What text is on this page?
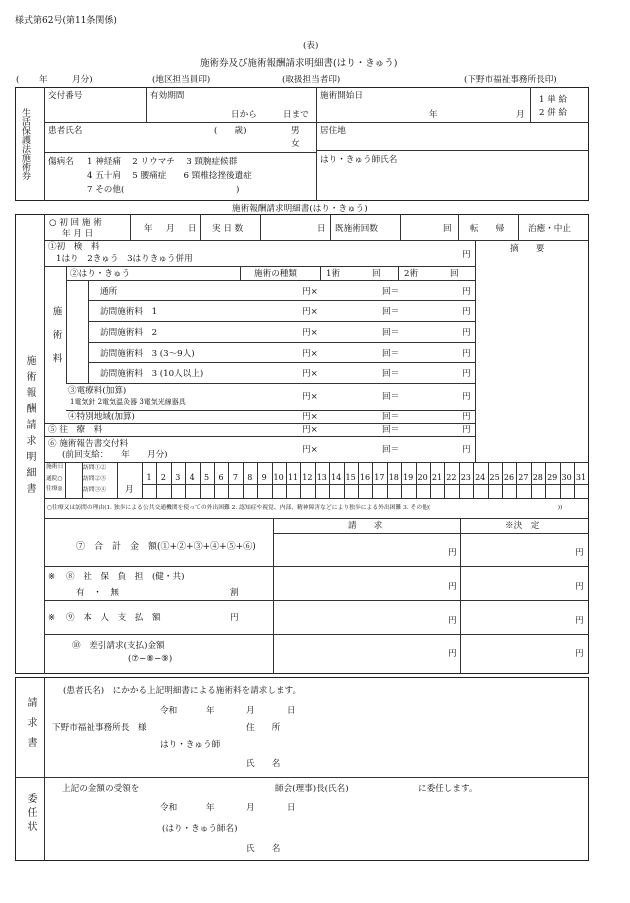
様式第62号(第11条関係)
(表)
施術券及び施術報酬請求明細書(はり・きゅう)
( 年	月分)	(地区担当員印)	(取扱担当者印)	(下野市福祉事務所長印)
生活保護法施術券
交付番号	有効期間
日から	日まで
施術開始日
年	月
1 単 給
2 併 給
患者氏名	(　　歳)	男
女
居住地
傷病名 1 神経痛　 2 リウマチ　 3 頸腕症候群
4 五十肩　 5 腰痛症　　6 頸椎捻挫後遺症
7 その他(　　　　　　　　　　　　　)
はり・きゅう師氏名
施術報酬請求明細書(はり・きゅう)
施術報酬請求明細書
○ 初 回 施 術
年 月 日	年 月 日 実 日 数	日 既施術回数	回 転　　帰	治癒・中止
摘　　要
①初　検　料
1はり　2きゅう　3はりきゅう併用	円
施術料
②はり・きゅう	施術の種類	1術	回	2術	回
通所	円×	回＝	円
訪問施術料　1	円×	回＝	円
訪問施術料　2	円×	回＝	円
訪問施術料　3 (3〜9人)	円×	回＝	円
訪問施術料　3 (10人以上)	円×	回＝	円
③電療料(加算)
1電気針 2電気温灸器 3電気光線器具	円×	回＝	円
④特別地域(加算)	円×	回＝	円
⑤ 往　療　料	円×	回＝	円
⑥ 施術報告書交付料
(前回支給：　　年　　月分)	円×	回＝	円
施術日
通院○
往療◎
訪問①②
訪問②③
訪問③④ 月
1	2	3	4	5	6	7	8	9 10 11 12 13 14 15 16 17 18 19 20 21 22 23 24 25 26 27 28 29 30 31
○往療又は訪問の理由(1. 独歩による公共交通機関を使っての外出困難 2. 認知症や視覚、内部、精神障害などにより独歩による外出困難 3. その他(　　　　　　　　　　　　　　　　　　　　　　))
請　　求	※決　定
⑦　合　計　金　額(①+②+③+④+⑤+⑥)
円	円
※ ⑧　社　保　負　担　(健・共)
有　・　無	割
円	円
※ ⑨　本　人　支　払　額	円	円	円
⑩　差引請求(支払)金額
(⑦−⑧−⑨)	円	円
請求書
(患者氏名)　にかかる上記明細書による施術料を請求します。
令和	年	月	日
下野市福祉事務所長　様	住　　所
はり・きゅう師
氏　　名
委任状
上記の金額の受領を	師会(理事)長(氏名)	に委任します。
令和	年	月	日
(はり・きゅう師名)
氏　　名
